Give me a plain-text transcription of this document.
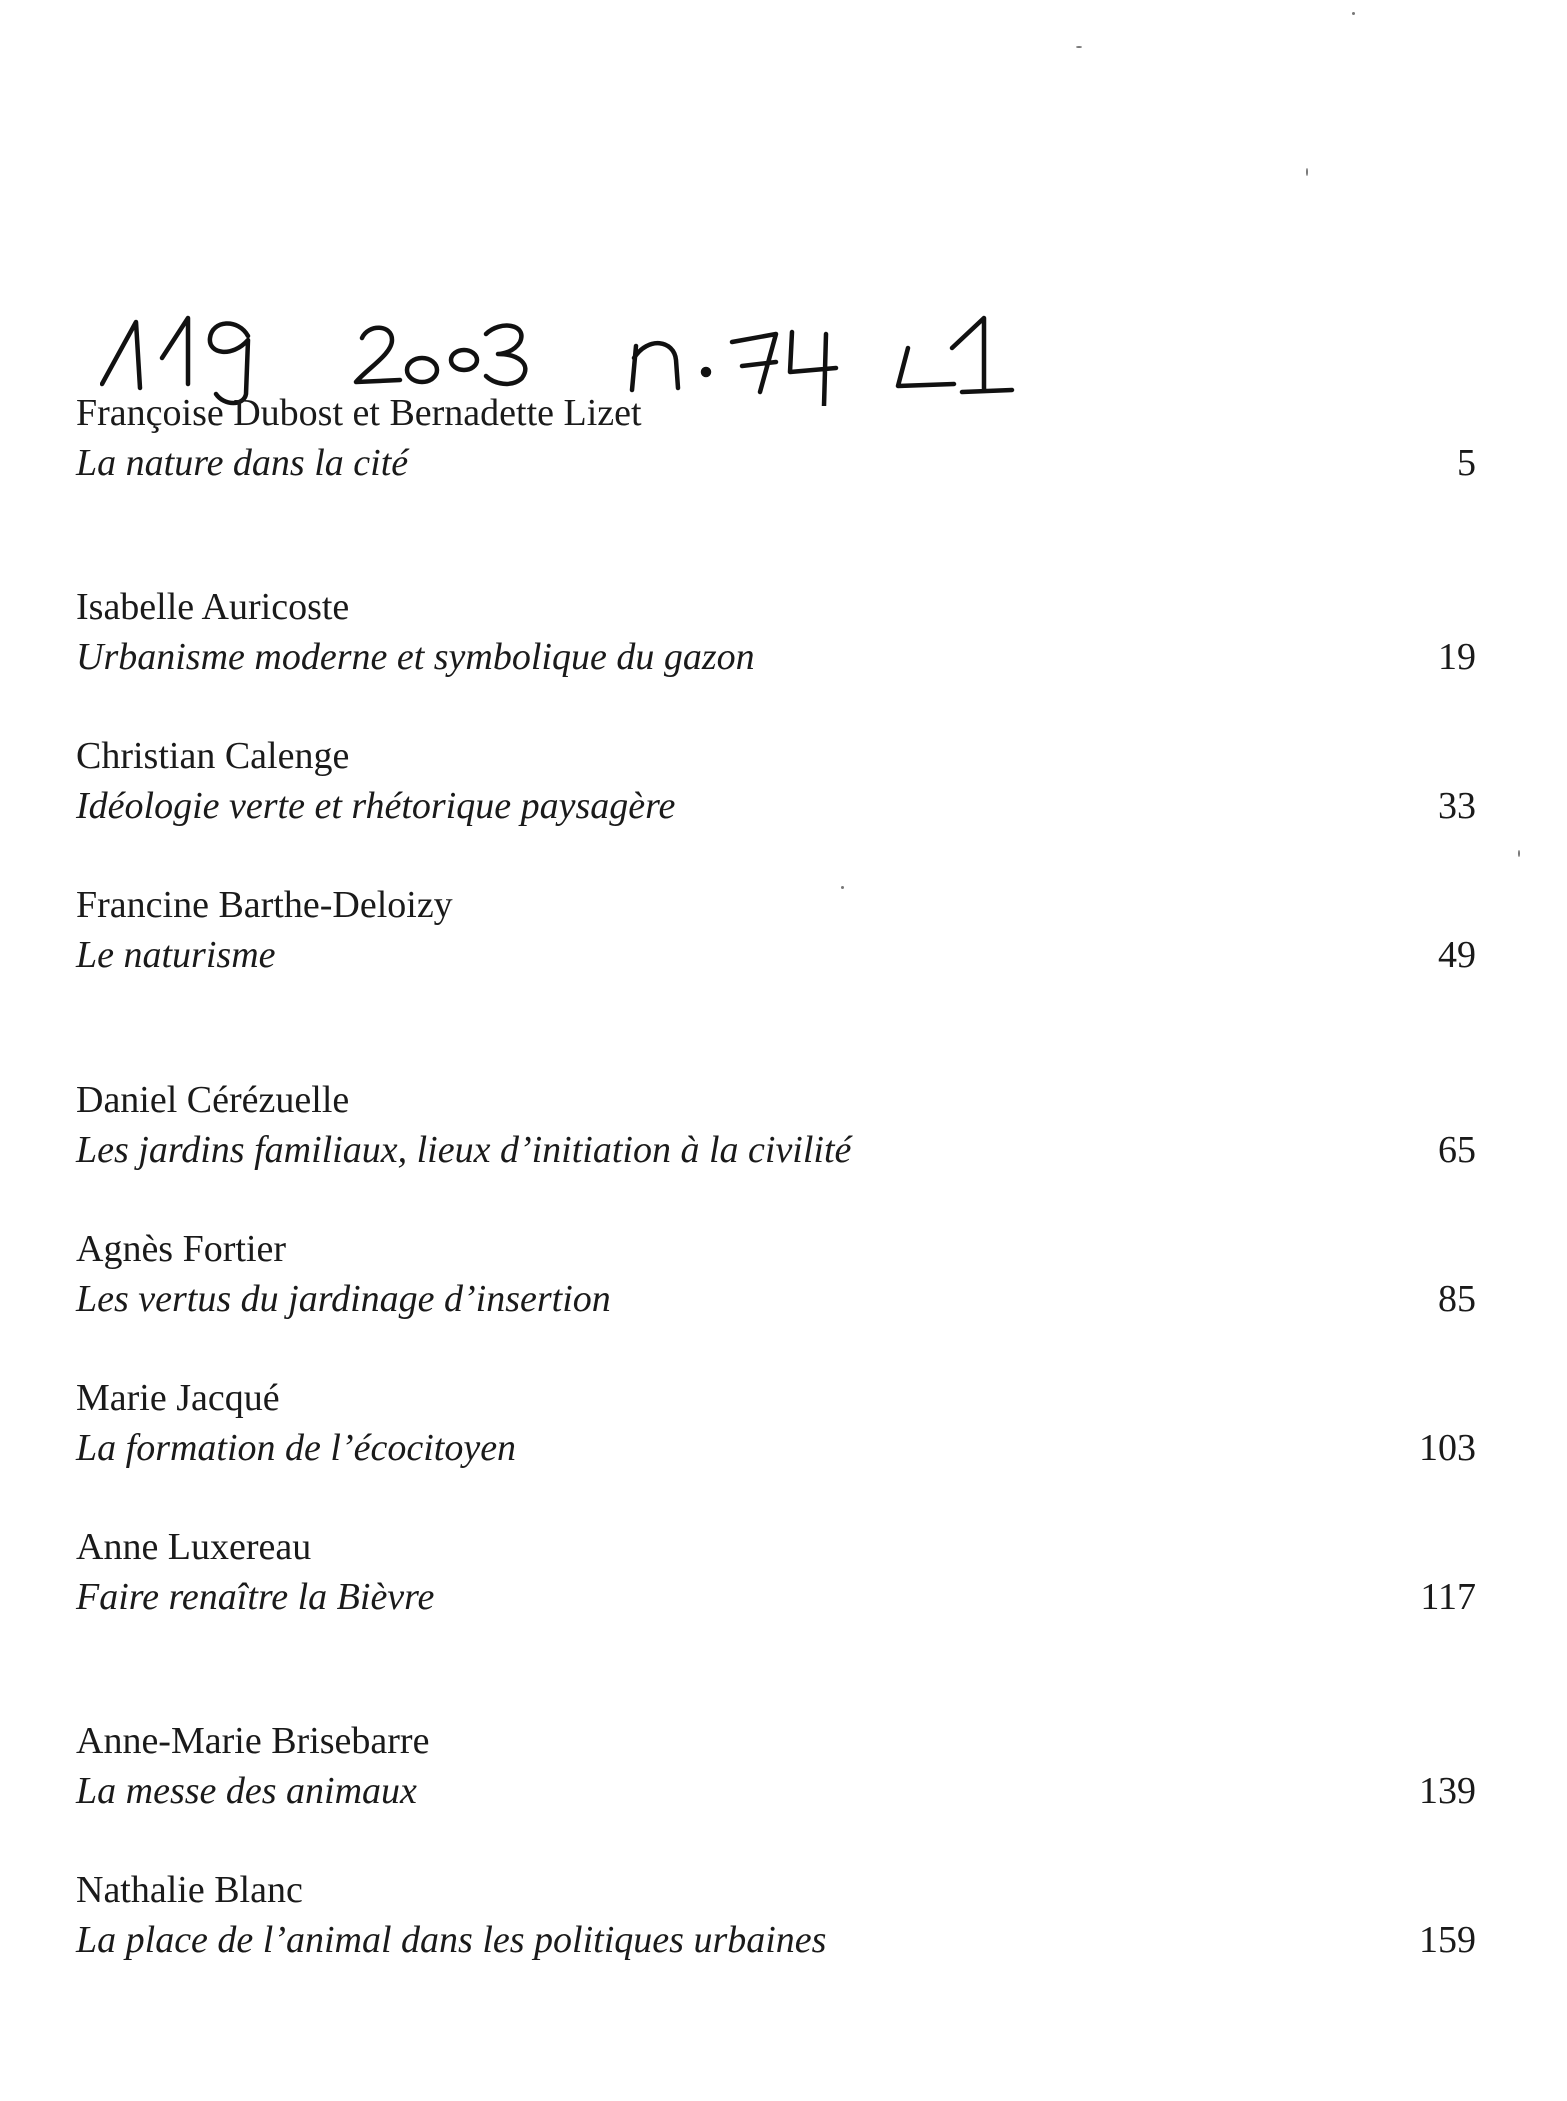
Françoise Dubost et Bernadette Lizet
La nature dans la cité	5
Isabelle Auricoste
Urbanisme moderne et symbolique du gazon	19
Christian Calenge
Idéologie verte et rhétorique paysagère	33
Francine Barthe-Deloizy
Le naturisme	49
Daniel Cérézuelle
Les jardins familiaux, lieux d’initiation à la civilité	65
Agnès Fortier
Les vertus du jardinage d’insertion	85
Marie Jacqué
La formation de l’écocitoyen	103
Anne Luxereau
Faire renaître la Bièvre	117
Anne-Marie Brisebarre
La messe des animaux	139
Nathalie Blanc
La place de l’animal dans les politiques urbaines	159
